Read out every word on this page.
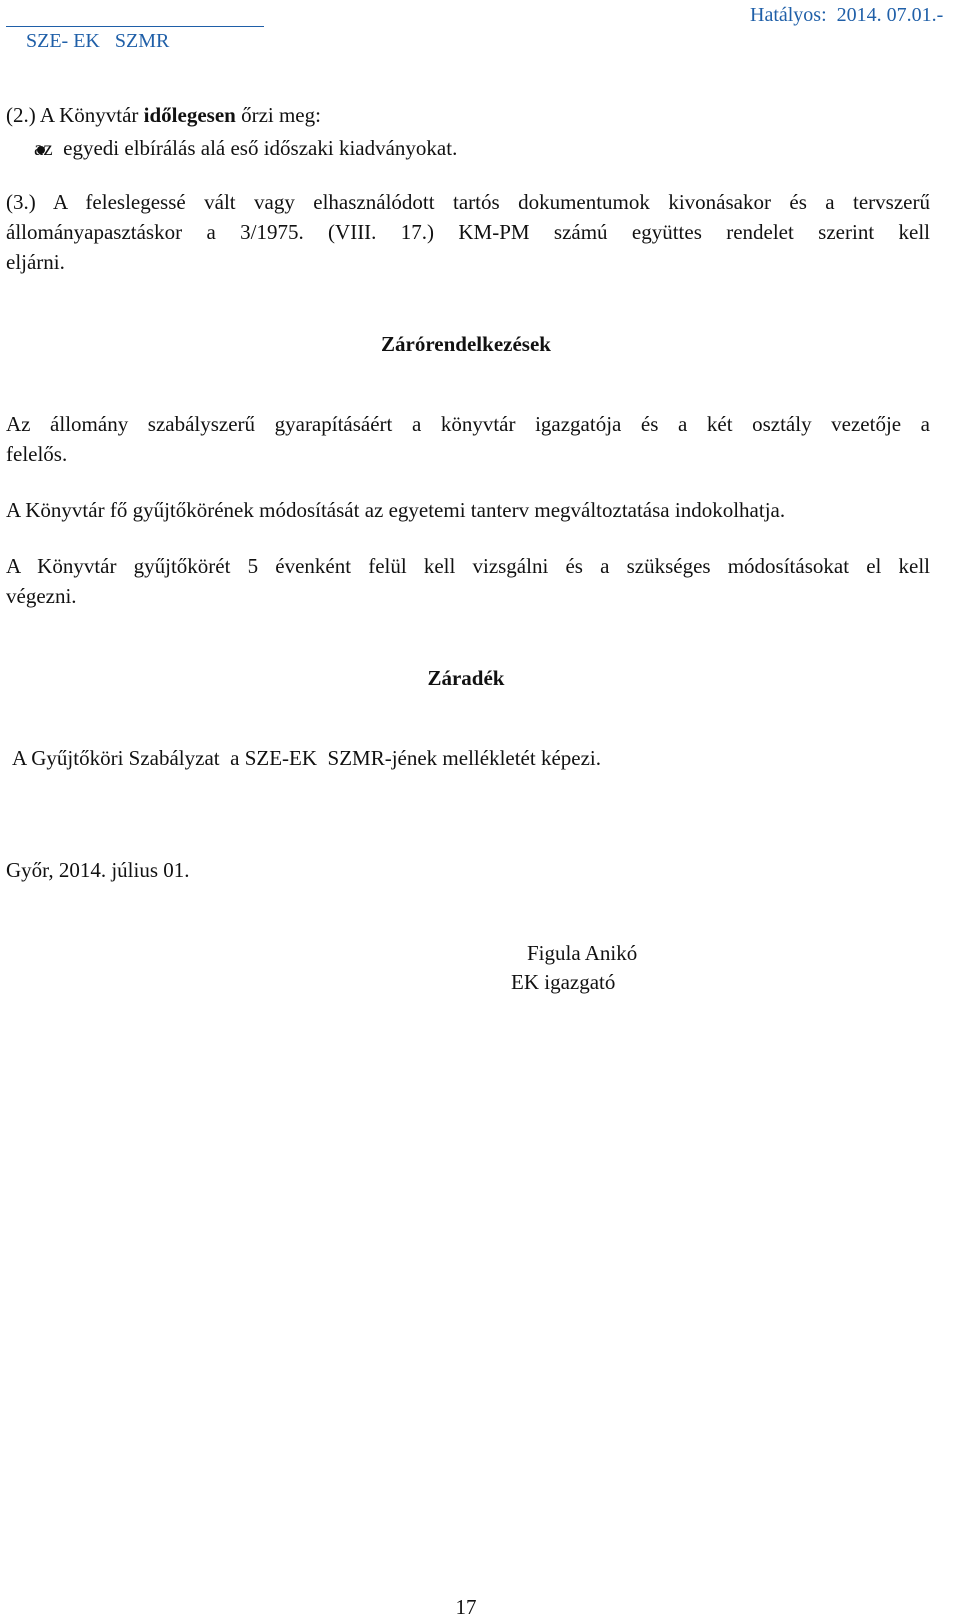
SZE- EK   SZMR

Hatályos:  2014. 07.01.-
(2.) A Könyvtár időlegesen őrzi meg:
az  egyedi elbírálás alá eső időszaki kiadványokat.
(3.) A feleslegessé vált vagy elhasználódott tartós dokumentumok kivonásakor és a tervszerű
állományapasztáskor a 3/1975. (VIII. 17.) KM-PM számú együttes rendelet szerint kell
eljárni.
Zárórendelkezések
Az állomány szabályszerű gyarapításáért a könyvtár igazgatója és a két osztály vezetője a
felelős.
A Könyvtár fő gyűjtőkörének módosítását az egyetemi tanterv megváltoztatása indokolhatja.
A Könyvtár gyűjtőkörét 5 évenként felül kell vizsgálni és a szükséges módosításokat el kell
végezni.
Záradék
A Gyűjtőköri Szabályzat  a SZE-EK  SZMR-jének mellékletét képezi.
Győr, 2014. július 01.
Figula Anikó
EK igazgató
17
